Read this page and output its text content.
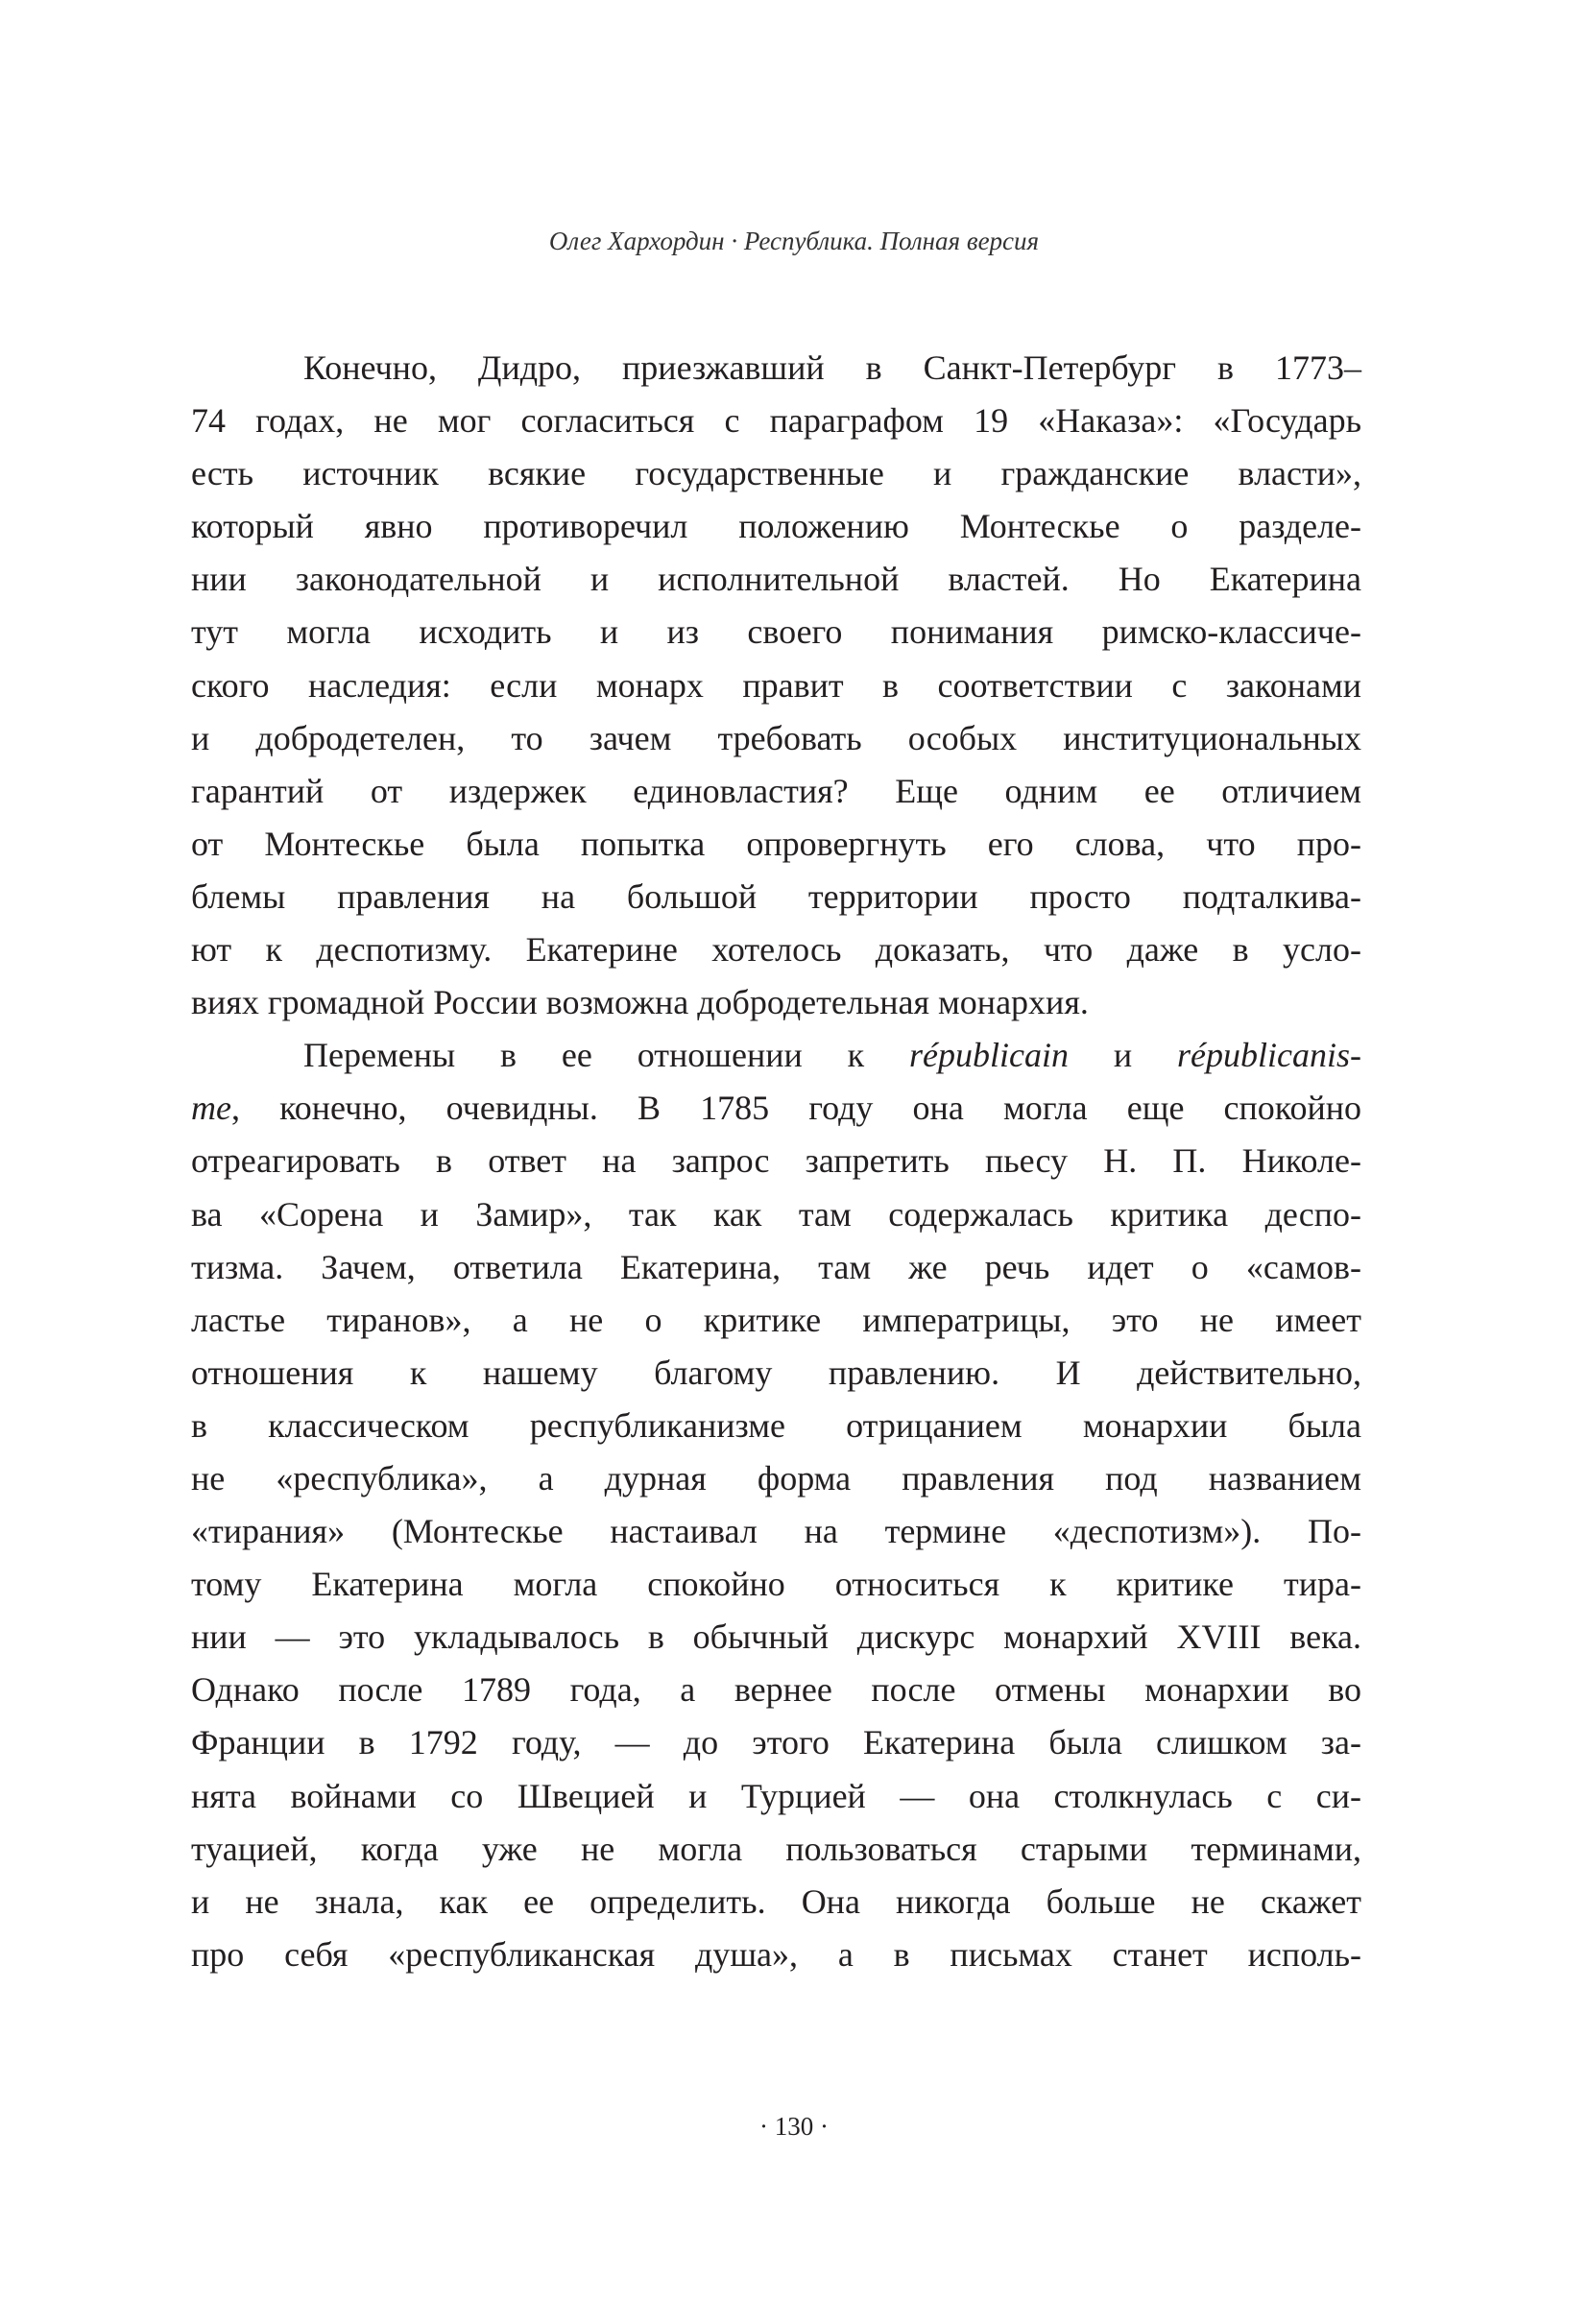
Олег Хархордин · Республика. Полная версия
Конечно, Дидро, приезжавший в Санкт-Петербург в 1773–
74 годах, не мог согласиться с параграфом 19 «Наказа»: «Государь
есть источник всякие государственные и гражданские власти»,
который явно противоречил положению Монтескье о разделе-
нии законодательной и исполнительной властей. Но Екатерина
тут могла исходить и из своего понимания римско-классиче-
ского наследия: если монарх правит в соответствии с законами
и добродетелен, то зачем требовать особых институциональных
гарантий от издержек единовластия? Еще одним ее отличием
от Монтескье была попытка опровергнуть его слова, что про-
блемы правления на большой территории просто подталкива-
ют к деспотизму. Екатерине хотелось доказать, что даже в усло-
виях громадной России возможна добродетельная монархия.
Перемены в ее отношении к républicain и républicanis-
me, конечно, очевидны. В 1785 году она могла еще спокойно
отреагировать в ответ на запрос запретить пьесу Н. П. Николе-
ва «Сорена и Замир», так как там содержалась критика деспо-
тизма. Зачем, ответила Екатерина, там же речь идет о «самов-
ластье тиранов», а не о критике императрицы, это не имеет
отношения к нашему благому правлению. И действительно,
в классическом республиканизме отрицанием монархии была
не «республика», а дурная форма правления под названием
«тирания» (Монтескье настаивал на термине «деспотизм»). По-
тому Екатерина могла спокойно относиться к критике тира-
нии — это укладывалось в обычный дискурс монархий XVIII века.
Однако после 1789 года, а вернее после отмены монархии во
Франции в 1792 году, — до этого Екатерина была слишком за-
нята войнами со Швецией и Турцией — она столкнулась с си-
туацией, когда уже не могла пользоваться старыми терминами,
и не знала, как ее определить. Она никогда больше не скажет
про себя «республиканская душа», а в письмах станет исполь-
· 130 ·
